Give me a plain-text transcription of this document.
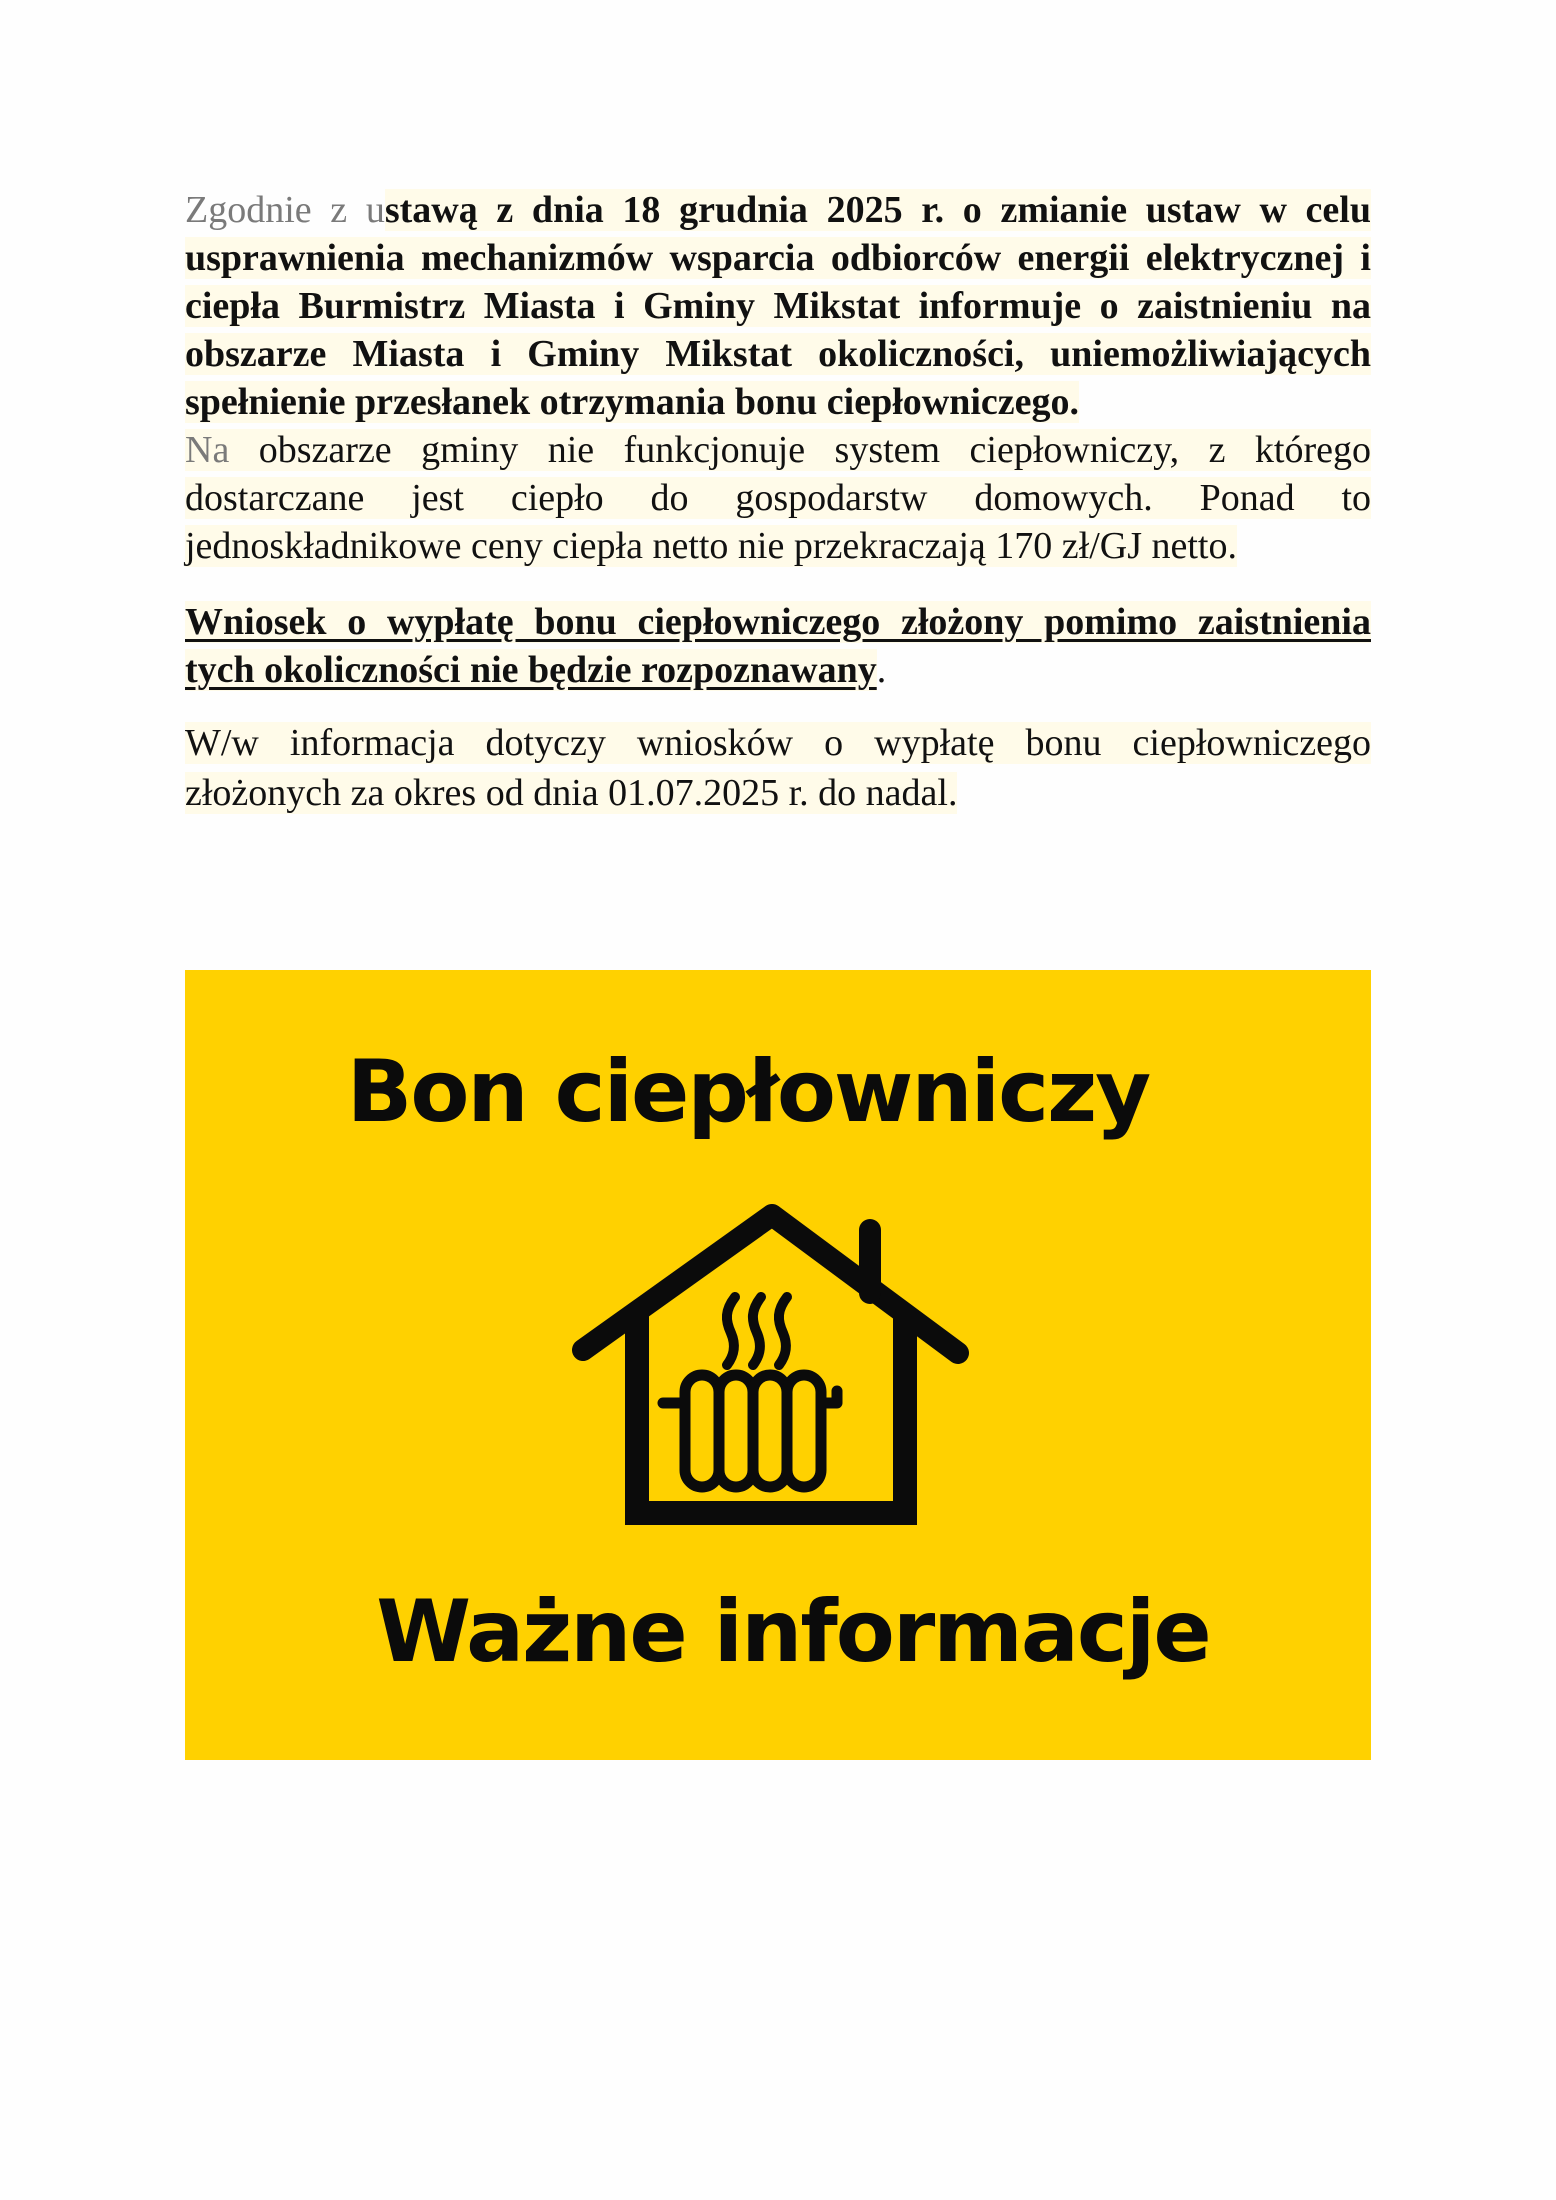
Zgodnie z ustawą z dnia 18 grudnia 2025 r. o zmianie ustaw w celu usprawnienia mechanizmów wsparcia odbiorców energii elektrycznej i ciepła Burmistrz Miasta i Gminy Mikstat informuje o zaistnieniu na obszarze Miasta i Gminy Mikstat okoliczności, uniemożliwiających spełnienie przesłanek otrzymania bonu ciepłowniczego.

Na obszarze gminy nie funkcjonuje system ciepłowniczy, z którego dostarczane jest ciepło do gospodarstw domowych. Ponad to jednoskładnikowe ceny ciepła netto nie przekraczają 170 zł/GJ netto.

Wniosek o wypłatę bonu ciepłowniczego złożony pomimo zaistnienia tych okoliczności nie będzie rozpoznawany.

W/w informacja dotyczy wniosków o wypłatę bonu ciepłowniczego złożonych za okres od dnia 01.07.2025 r. do nadal.

Bon ciepłowniczy
Ważne informacje
